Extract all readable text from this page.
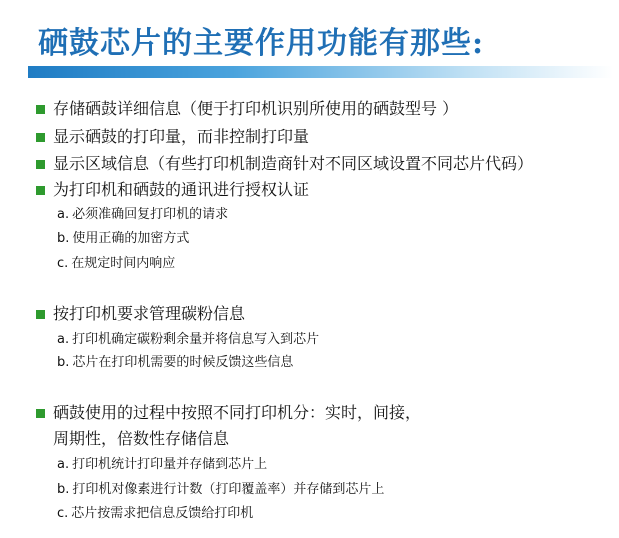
硒鼓芯片的主要作用功能有那些:
存储硒鼓详细信息（便于打印机识别所使用的硒鼓型号 ）
显示硒鼓的打印量，而非控制打印量
显示区域信息（有些打印机制造商针对不同区域设置不同芯片代码）
为打印机和硒鼓的通讯进行授权认证
a. 必须准确回复打印机的请求
b. 使用正确的加密方式
c. 在规定时间内响应
按打印机要求管理碳粉信息
a. 打印机确定碳粉剩余量并将信息写入到芯片
b. 芯片在打印机需要的时候反馈这些信息
硒鼓使用的过程中按照不同打印机分：实时，间接，
周期性，倍数性存储信息
a. 打印机统计打印量并存储到芯片上
b. 打印机对像素进行计数（打印覆盖率）并存储到芯片上
c. 芯片按需求把信息反馈给打印机
